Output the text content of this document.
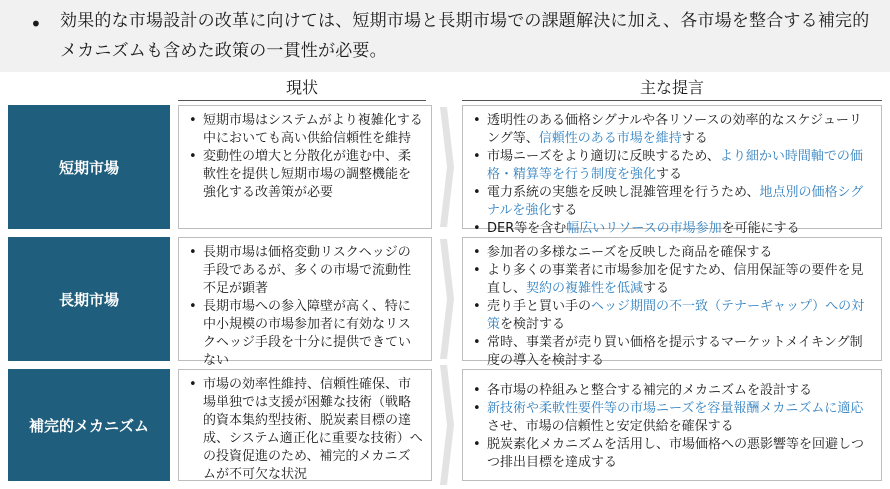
• 効果的な市場設計の改革に向けては、短期市場と長期市場での課題解決に加え、各市場を整合する補完的メカニズムも含めた政策の一貫性が必要。
現状	主な提言
短期市場
• 短期市場はシステムがより複雑化する中においても高い供給信頼性を維持
• 変動性の増大と分散化が進む中、柔軟性を提供し短期市場の調整機能を強化する改善策が必要
• 透明性のある価格シグナルや各リソースの効率的なスケジューリング等、信頼性のある市場を維持する
• 市場ニーズをより適切に反映するため、より細かい時間軸での価格・精算等を行う制度を強化する
• 電力系統の実態を反映し混雑管理を行うため、地点別の価格シグナルを強化する
• DER等を含む幅広いリソースの市場参加を可能にする
長期市場
• 長期市場は価格変動リスクヘッジの手段であるが、多くの市場で流動性不足が顕著
• 長期市場への参入障壁が高く、特に中小規模の市場参加者に有効なリスクヘッジ手段を十分に提供できていない
• 参加者の多様なニーズを反映した商品を確保する
• より多くの事業者に市場参加を促すため、信用保証等の要件を見直し、契約の複雑性を低減する
• 売り手と買い手のヘッジ期間の不一致（テナーギャップ）への対策を検討する
• 常時、事業者が売り買い価格を提示するマーケットメイキング制度の導入を検討する
補完的メカニズム
• 市場の効率性維持、信頼性確保、市場単独では支援が困難な技術（戦略的資本集約型技術、脱炭素目標の達成、システム適正化に重要な技術）への投資促進のため、補完的メカニズムが不可欠な状況
• 各市場の枠組みと整合する補完的メカニズムを設計する
• 新技術や柔軟性要件等の市場ニーズを容量報酬メカニズムに適応させ、市場の信頼性と安定供給を確保する
• 脱炭素化メカニズムを活用し、市場価格への悪影響等を回避しつつ排出目標を達成する
